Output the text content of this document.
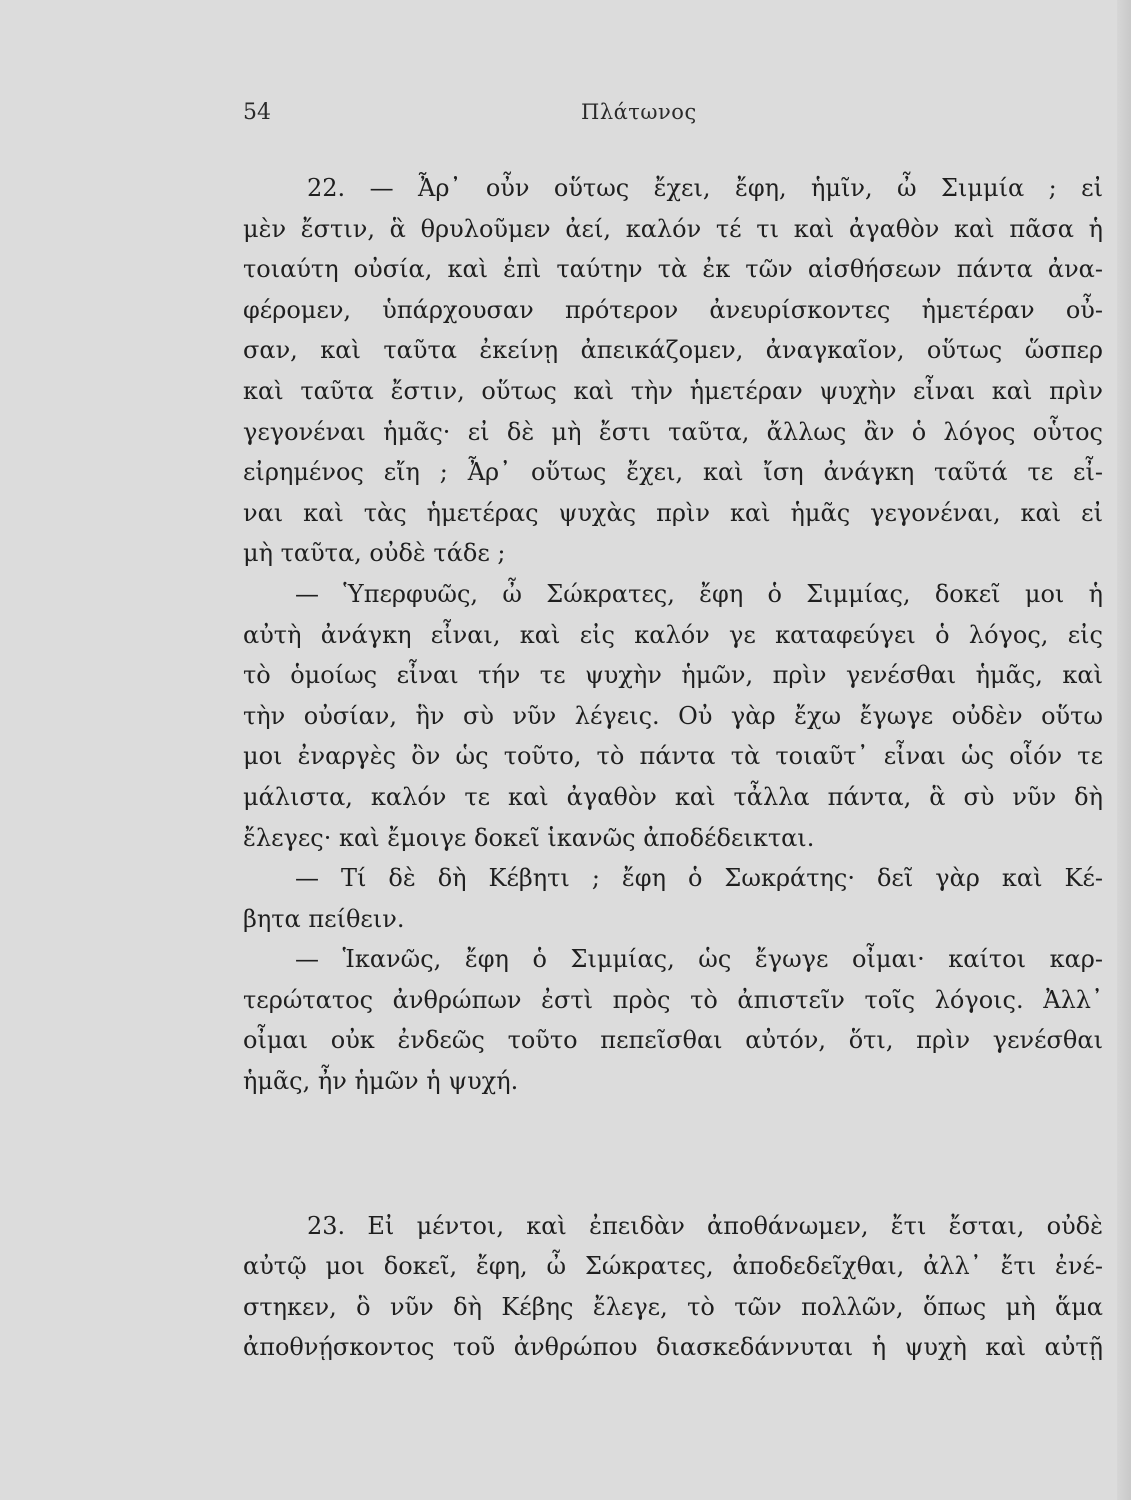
54	Πλάτωνος
22. — Ἆρ᾽ οὖν οὕτως ἔχει, ἔφη, ἡμῖν, ὦ Σιμμία ; εἰ
μὲν ἔστιν, ἃ θρυλοῦμεν ἀεί, καλόν τέ τι καὶ ἀγαθὸν καὶ πᾶσα ἡ
τοιαύτη οὐσία, καὶ ἐπὶ ταύτην τὰ ἐκ τῶν αἰσθήσεων πάντα ἀνα-
φέρομεν, ὑπάρχουσαν πρότερον ἀνευρίσκοντες ἡμετέραν οὖ-
σαν, καὶ ταῦτα ἐκείνῃ ἀπεικάζομεν, ἀναγκαῖον, οὕτως ὥσπερ
καὶ ταῦτα ἔστιν, οὕτως καὶ τὴν ἡμετέραν ψυχὴν εἶναι καὶ πρὶν
γεγονέναι ἡμᾶς· εἰ δὲ μὴ ἔστι ταῦτα, ἄλλως ἂν ὁ λόγος οὗτος
εἰρημένος εἴη ; Ἆρ᾽ οὕτως ἔχει, καὶ ἴση ἀνάγκη ταῦτά τε εἶ-
ναι καὶ τὰς ἡμετέρας ψυχὰς πρὶν καὶ ἡμᾶς γεγονέναι, καὶ εἰ
μὴ ταῦτα, οὐδὲ τάδε ;
— Ὑπερφυῶς, ὦ Σώκρατες, ἔφη ὁ Σιμμίας, δοκεῖ μοι ἡ
αὐτὴ ἀνάγκη εἶναι, καὶ εἰς καλόν γε καταφεύγει ὁ λόγος, εἰς
τὸ ὁμοίως εἶναι τήν τε ψυχὴν ἡμῶν, πρὶν γενέσθαι ἡμᾶς, καὶ
τὴν οὐσίαν, ἣν σὺ νῦν λέγεις. Οὐ γὰρ ἔχω ἔγωγε οὐδὲν οὕτω
μοι ἐναργὲς ὂν ὡς τοῦτο, τὸ πάντα τὰ τοιαῦτ᾽ εἶναι ὡς οἷόν τε
μάλιστα, καλόν τε καὶ ἀγαθὸν καὶ τἆλλα πάντα, ἃ σὺ νῦν δὴ
ἔλεγες· καὶ ἔμοιγε δοκεῖ ἱκανῶς ἀποδέδεικται.
— Τί δὲ δὴ Κέβητι ; ἔφη ὁ Σωκράτης· δεῖ γὰρ καὶ Κέ-
βητα πείθειν.
— Ἱκανῶς, ἔφη ὁ Σιμμίας, ὡς ἔγωγε οἶμαι· καίτοι καρ-
τερώτατος ἀνθρώπων ἐστὶ πρὸς τὸ ἀπιστεῖν τοῖς λόγοις. Ἀλλ᾽
οἶμαι οὐκ ἐνδεῶς τοῦτο πεπεῖσθαι αὐτόν, ὅτι, πρὶν γενέσθαι
ἡμᾶς, ἦν ἡμῶν ἡ ψυχή.
23. Εἰ μέντοι, καὶ ἐπειδὰν ἀποθάνωμεν, ἔτι ἔσται, οὐδὲ
αὐτῷ μοι δοκεῖ, ἔφη, ὦ Σώκρατες, ἀποδεδεῖχθαι, ἀλλ᾽ ἔτι ἐνέ-
στηκεν, ὃ νῦν δὴ Κέβης ἔλεγε, τὸ τῶν πολλῶν, ὅπως μὴ ἅμα
ἀποθνῄσκοντος τοῦ ἀνθρώπου διασκεδάννυται ἡ ψυχὴ καὶ αὐτῇ
